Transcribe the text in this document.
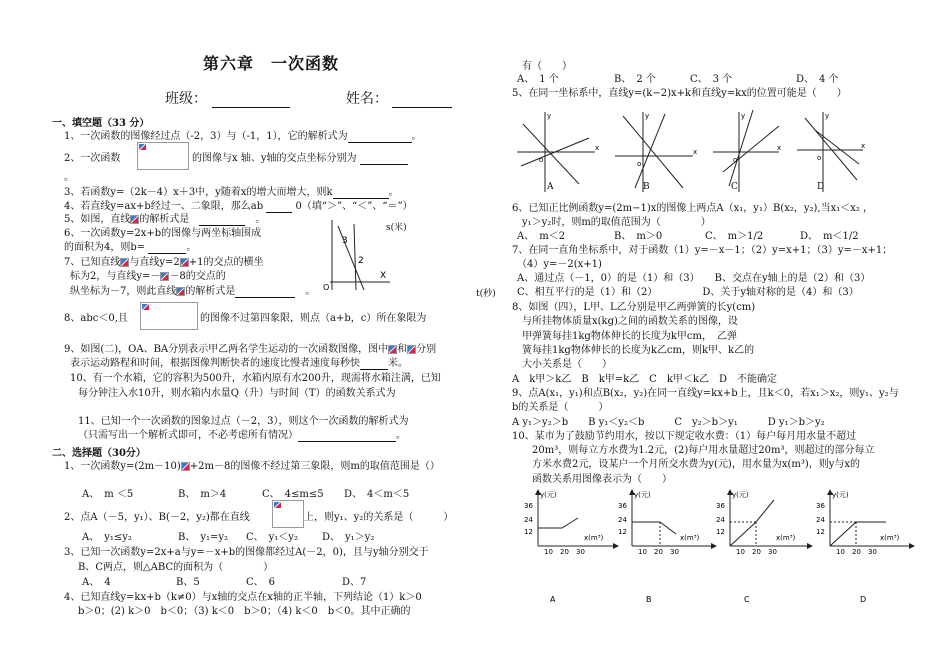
第六章　一次函数
班级：	姓名：
一、填空题（33 分）
1、一次函数的图像经过点（-2，3）与（-1，1），它的解析式为	。
2、一次函数	的图像与x 轴、y轴的交点坐标分别为
。
3、若函数y=（2k－4）x＋3中，y随着x的增大而增大，则k	。
4、若直线y=ax+b经过一、二象限，那么ab	0（填“＞”、“＜”、“＝”）
5、如图，直线 的解析式是　　	。
6、一次函数y=2x+b的图像与两坐标轴围成
的面积为4，则b=	。
7、已知直线 与直线y=2 +1的交点的横坐
标为2，与直线y=－ －8的交点的
纵坐标为－7，则此直线 的解析式是　	。
3
2
O
X
s(米)
t(秒)
8、abc＜0,且	的图像不过第四象限，则点（a+b，c）所在象限为
9、如图(二)，OA、BA分别表示甲乙两名学生运动的一次函数图像，图中 和 分别
表示运动路程和时间，根据图像判断快者的速度比慢者速度每秒快	米。
10、有一个水箱，它的容积为500升，水箱内原有水200升，现需将水箱注满，已知
每分钟注入水10升，则水箱内水量Q（升）与时间（T）的函数关系式为
11、已知一个一次函数的图象过点（－2，3），则这个一次函数的解析式为
（只需写出一个解析式即可，不必考虑所有情况）	。
二、选择题（30分）
1、一次函数y=(2m－10) +2m－8的图像不经过第三象限，则m的取值范围是（）
A、　m ＜5	B、　m＞4	C、　4≤m≤5 D、　4＜m＜5
2、点A（－5，y₁）、B(－2，y₂)都在直线	上，则y₁、y₂的关系是（　　　）
A、　y₁≤y₂	B、　y₁=y₂ C、　y₁＜y₂ D、　y₁＞y₂
3、已知一次函数y=2x+a与y=－x+b的图像都经过A(－2，0)，且与y轴分别交于
B、C两点，则△ABC的面积为（　　　　）
A、　4	B、5	C、　6	D、7
4、已知直线y=kx+b（k≠0）与x轴的交点在x轴的正半轴，下列结论（1）k＞0
b＞0；(2) k＞0　b＜0；（3) k＜0　b＞0；（4) k＜0　b＜0。其中正确的
有（　　）
A、　1 个	B、　2 个	C、　3 个	D、　4 个
5、在同一坐标系中，直线y=(k−2)x+k和直线y=kx的位置可能是（　　）
x
y
o
x
y
o
x
y
o
x
y
o
A	B	C	D
6、已知正比例函数y=(2m−1)x的图像上两点A（x₁，y₁）B(x₂，y₂),当x₁＜x₂ ，
y₁＞y₂时，则m的取值范围为（　　　　）
A、　m＜2	B、　m＞0	C、　m＞1/2	D、　m＜1/2
7、在同一直角坐标系中，对于函数（1）y=－x－1；（2）y=x+1；（3）y=－x+1；
（4）y=－2(x+1)
A、通过点（－1，0）的是（1）和（3）　　B、交点在y轴上的是（2）和（3）
C、相互平行的是（1）和（2）　　　　　D、关于y轴对称的是（4）和（3）
8、如图（四），L甲、L乙分别是甲乙两弹簧的长y(cm)
与所挂物体质量x(kg)之间的函数关系的图像，设
甲弹簧每挂1kg物体伸长的长度为k甲cm，　乙弹
簧每挂1kg物体伸长的长度为k乙cm，则k甲、k乙的
大小关系是（　　）
A　k甲＞k乙　B　k甲=k乙　C　k甲＜k乙　D　不能确定
9、点A(x₁，y₁)和点B(x₂，y₂)在同一直线y=kx+b上，且k＜0，若x₁＞x₂，则y₁、y₂与
b的关系是（　　　）
A y₁＞y₂＞b　　B y₁＜y₂＜b　　　C　y₂＞b＞y₁　　　D y₁＞b＞y₂
10、某市为了鼓励节约用水，按以下规定收水费：（1）每户每月用水量不超过
20m³，则每立方水费为1.2元，(2)每户用水量超过20m³，则超过的部分每立
方米水费2元，设某户一个月所交水费为y(元)，用水量为x(m³)，则y与x的
函数关系用图像表示为（　　）
y(元)
x(m³)
36
24
12
10 20 30
y(元)
x(m³)
36
24
12
10 20 30
y(元)
x(m³)
36
24
12
10 20 30
y(元)
x(m³)
36
24
12
10 20 30
A	B	C	D
